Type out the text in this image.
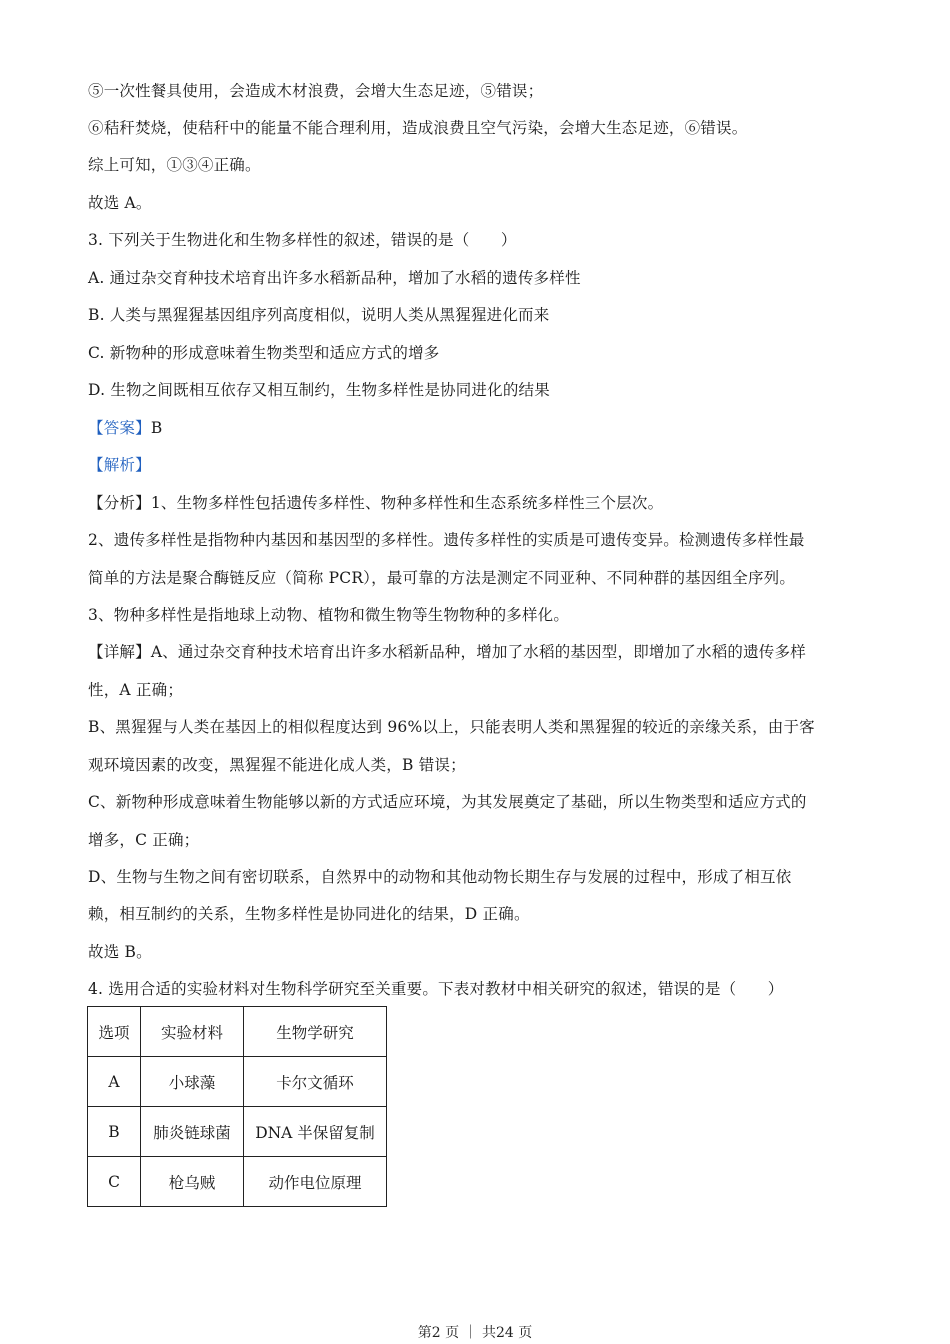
⑤一次性餐具使用，会造成木材浪费，会增大生态足迹，⑤错误；
⑥秸秆焚烧，使秸秆中的能量不能合理利用，造成浪费且空气污染，会增大生态足迹，⑥错误。
综上可知，①③④正确。
故选 A。
3. 下列关于生物进化和生物多样性的叙述，错误的是（　　）
A. 通过杂交育种技术培育出许多水稻新品种，增加了水稻的遗传多样性
B. 人类与黑猩猩基因组序列高度相似，说明人类从黑猩猩进化而来
C. 新物种的形成意味着生物类型和适应方式的增多
D. 生物之间既相互依存又相互制约，生物多样性是协同进化的结果
【答案】B
【解析】
【分析】1、生物多样性包括遗传多样性、物种多样性和生态系统多样性三个层次。
2、遗传多样性是指物种内基因和基因型的多样性。遗传多样性的实质是可遗传变异。检测遗传多样性最
简单的方法是聚合酶链反应（简称 PCR），最可靠的方法是测定不同亚种、不同种群的基因组全序列。
3、物种多样性是指地球上动物、植物和微生物等生物物种的多样化。
【详解】A、通过杂交育种技术培育出许多水稻新品种，增加了水稻的基因型，即增加了水稻的遗传多样
性，A 正确；
B、黑猩猩与人类在基因上的相似程度达到 96%以上，只能表明人类和黑猩猩的较近的亲缘关系，由于客
观环境因素的改变，黑猩猩不能进化成人类，B 错误；
C、新物种形成意味着生物能够以新的方式适应环境，为其发展奠定了基础，所以生物类型和适应方式的
增多，C 正确；
D、生物与生物之间有密切联系，自然界中的动物和其他动物长期生存与发展的过程中，形成了相互依
赖，相互制约的关系，生物多样性是协同进化的结果，D 正确。
故选 B。
4. 选用合适的实验材料对生物科学研究至关重要。下表对教材中相关研究的叙述，错误的是（　　）
选项	实验材料	生物学研究
A	小球藻	卡尔文循环
B	肺炎链球菌	DNA 半保留复制
C	枪乌贼	动作电位原理
第2 页 ｜ 共24 页
